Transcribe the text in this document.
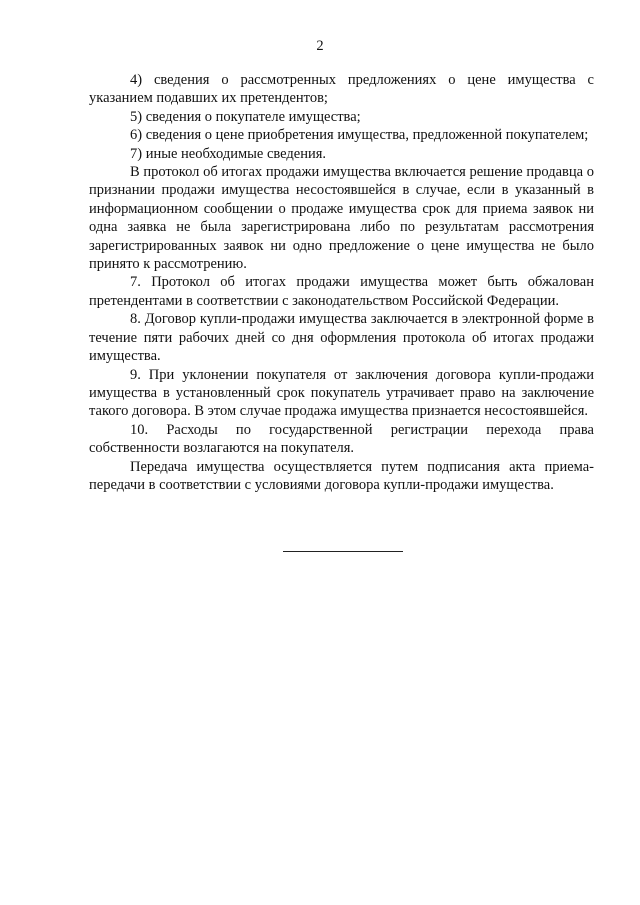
2

4) сведения о рассмотренных предложениях о цене имущества с указанием подавших их претендентов;

5) сведения о покупателе имущества;

6) сведения о цене приобретения имущества, предложенной покупателем;

7) иные необходимые сведения.

В протокол об итогах продажи имущества включается решение продавца о признании продажи имущества несостоявшейся в случае, если в указанный в информационном сообщении о продаже имущества срок для приема заявок ни одна заявка не была зарегистрирована либо по результатам рассмотрения зарегистрированных заявок ни одно предложение о цене имущества не было принято к рассмотрению.

7. Протокол об итогах продажи имущества может быть обжалован претендентами в соответствии с законодательством Российской Федерации.

8. Договор купли-продажи имущества заключается в электронной форме в течение пяти рабочих дней со дня оформления протокола об итогах продажи имущества.

9. При уклонении покупателя от заключения договора купли-продажи имущества в установленный срок покупатель утрачивает право на заключение такого договора. В этом случае продажа имущества признается несостоявшейся.

10. Расходы по государственной регистрации перехода права собственности возлагаются на покупателя.

Передача имущества осуществляется путем подписания акта приема-передачи в соответствии с условиями договора купли-продажи имущества.
